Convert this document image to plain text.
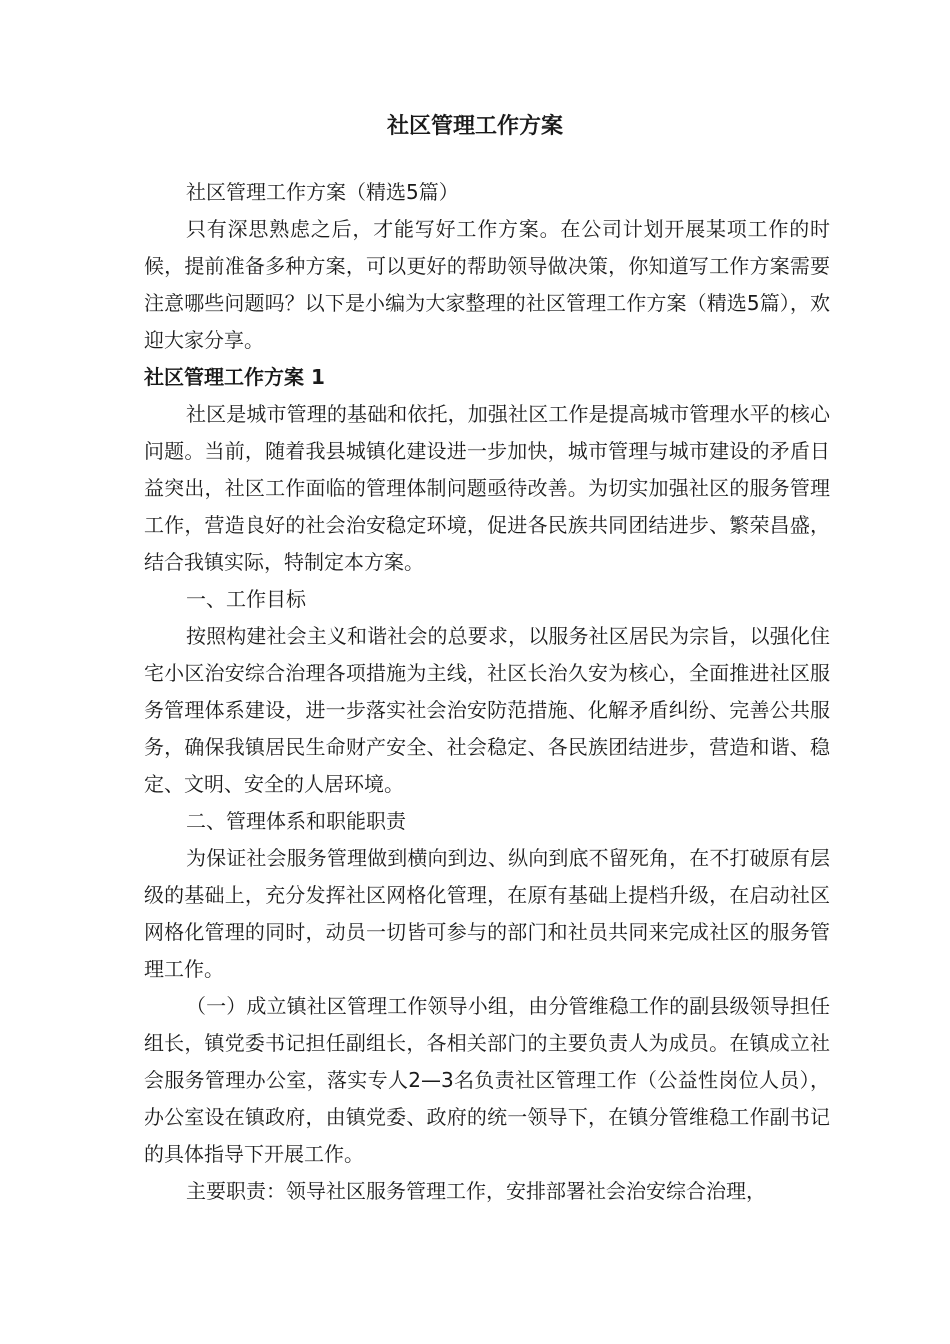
社区管理工作方案

社区管理工作方案（精选5篇）

只有深思熟虑之后，才能写好工作方案。在公司计划开展某项工作的时候，提前准备多种方案，可以更好的帮助领导做决策，你知道写工作方案需要注意哪些问题吗？以下是小编为大家整理的社区管理工作方案（精选5篇），欢迎大家分享。

社区管理工作方案 1

社区是城市管理的基础和依托，加强社区工作是提高城市管理水平的核心问题。当前，随着我县城镇化建设进一步加快，城市管理与城市建设的矛盾日益突出，社区工作面临的管理体制问题亟待改善。为切实加强社区的服务管理工作，营造良好的社会治安稳定环境，促进各民族共同团结进步、繁荣昌盛，结合我镇实际，特制定本方案。

一、工作目标

按照构建社会主义和谐社会的总要求，以服务社区居民为宗旨，以强化住宅小区治安综合治理各项措施为主线，社区长治久安为核心，全面推进社区服务管理体系建设，进一步落实社会治安防范措施、化解矛盾纠纷、完善公共服务，确保我镇居民生命财产安全、社会稳定、各民族团结进步，营造和谐、稳定、文明、安全的人居环境。

二、管理体系和职能职责

为保证社会服务管理做到横向到边、纵向到底不留死角，在不打破原有层级的基础上，充分发挥社区网格化管理，在原有基础上提档升级，在启动社区网格化管理的同时，动员一切皆可参与的部门和社员共同来完成社区的服务管理工作。

（一）成立镇社区管理工作领导小组，由分管维稳工作的副县级领导担任组长，镇党委书记担任副组长，各相关部门的主要负责人为成员。在镇成立社会服务管理办公室，落实专人2—3名负责社区管理工作（公益性岗位人员），办公室设在镇政府，由镇党委、政府的统一领导下，在镇分管维稳工作副书记的具体指导下开展工作。

主要职责：领导社区服务管理工作，安排部署社会治安综合治理，
